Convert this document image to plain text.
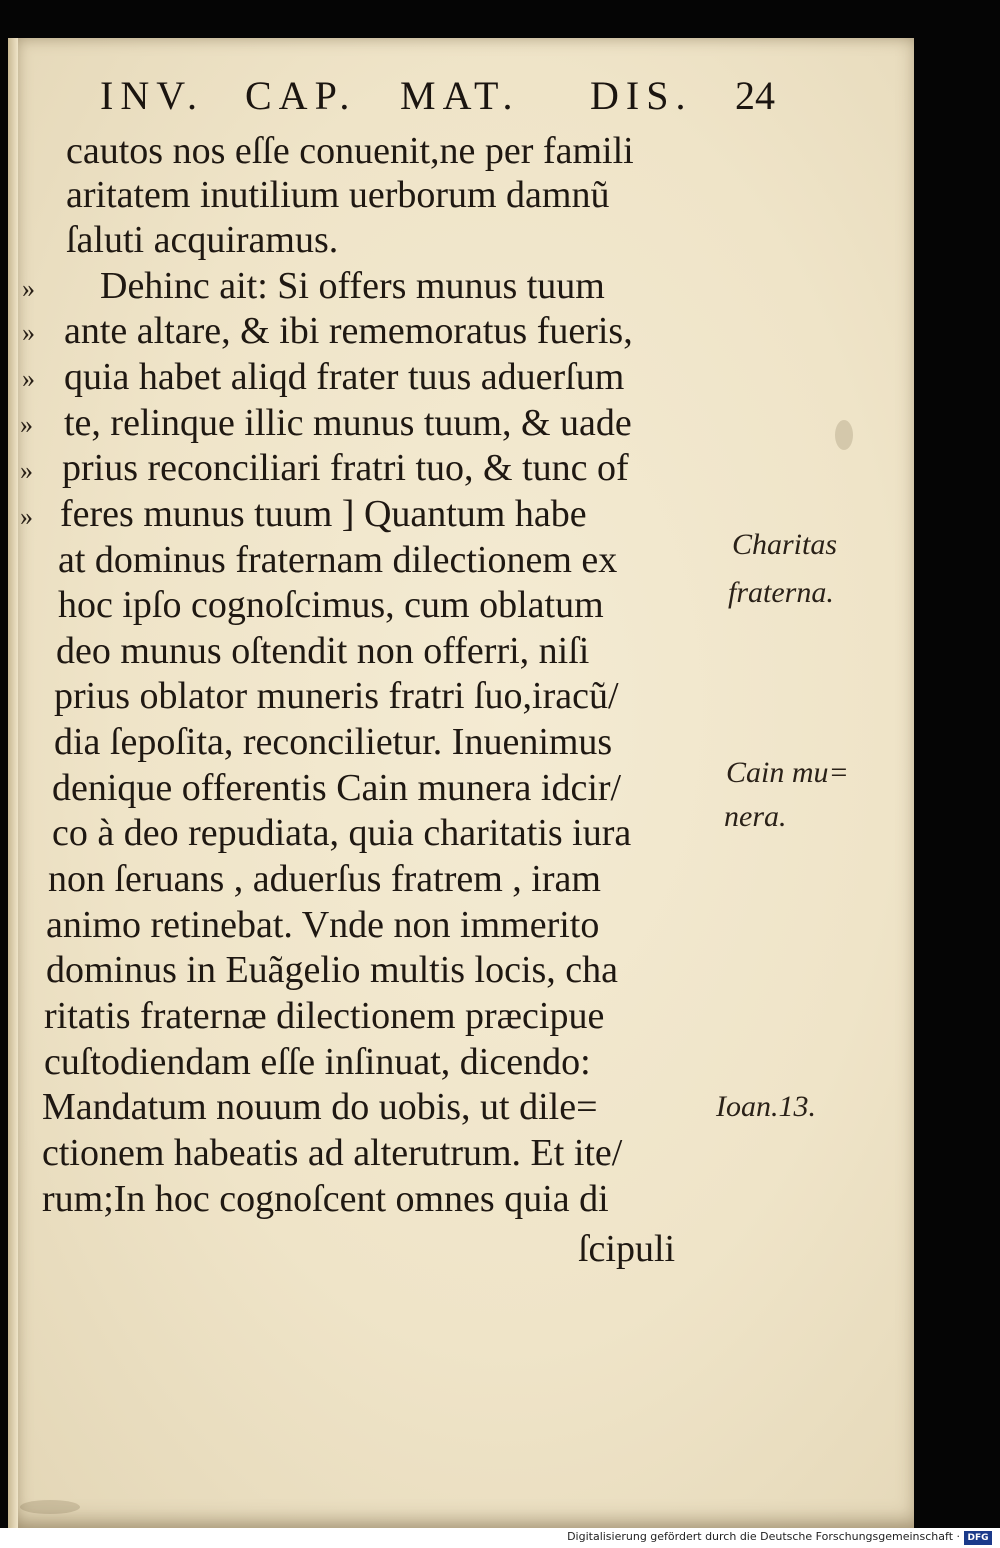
INV. CAP. MAT. DIS. 24
cautos nos eſſe conuenit,ne per famili
aritatem inutilium uerborum damnũ
ſaluti acquiramus.
Dehinc ait: Si offers munus tuum
ante altare, & ibi rememoratus fueris,
quia habet aliqd frater tuus aduerſum
te, relinque illic munus tuum, & uade
prius reconciliari fratri tuo, & tunc of
feres munus tuum ] Quantum habe
at dominus fraternam dilectionem ex
hoc ipſo cognoſcimus, cum oblatum
deo munus oſtendit non offerri, niſi
prius oblator muneris fratri ſuo,iracũ/
dia ſepoſita, reconcilietur. Inuenimus
denique offerentis Cain munera idcir/
co à deo repudiata, quia charitatis iura
non ſeruans , aduerſus fratrem , iram
animo retinebat. Vnde non immerito
dominus in Euãgelio multis locis, cha
ritatis fraternæ dilectionem præcipue
cuſtodiendam eſſe inſinuat, dicendo:
Mandatum nouum do uobis, ut dile=
ctionem habeatis ad alterutrum. Et ite/
rum;In hoc cognoſcent omnes quia di
ſcipuli
»
»
»
»
»
»
Charitas
fraterna.
Cain mu=
nera.
Ioan.13.
Digitalisierung gefördert durch die Deutsche Forschungsgemeinschaft · DFG
